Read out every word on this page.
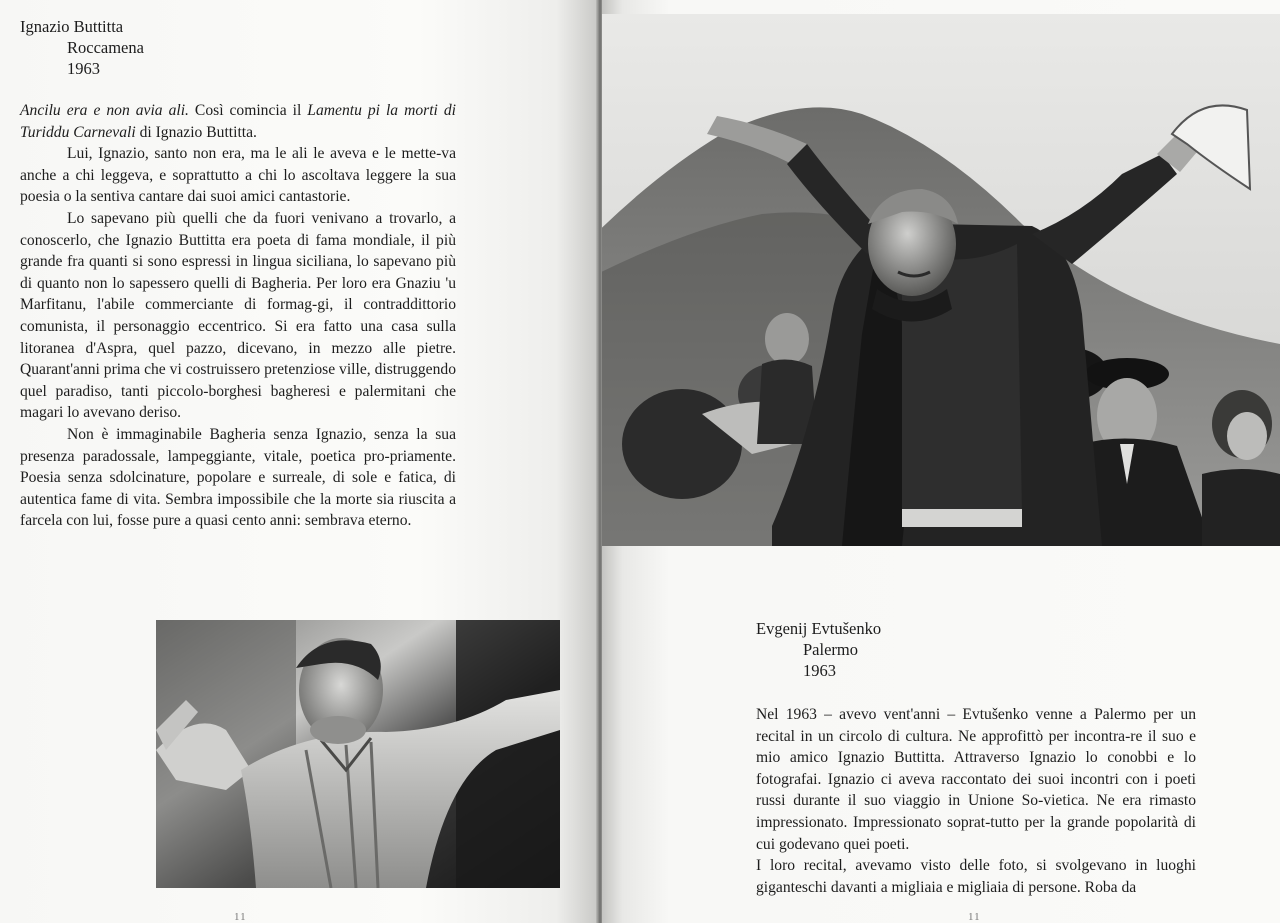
Ignazio Buttitta
Roccamena
1963

Ancilu era e non avia ali. Così comincia il Lamentu pi la morti di Turiddu Carnevali di Ignazio Buttitta.

Lui, Ignazio, santo non era, ma le ali le aveva e le mette-va anche a chi leggeva, e soprattutto a chi lo ascoltava leggere la sua poesia o la sentiva cantare dai suoi amici cantastorie.

Lo sapevano più quelli che da fuori venivano a trovarlo, a conoscerlo, che Ignazio Buttitta era poeta di fama mondiale, il più grande fra quanti si sono espressi in lingua siciliana, lo sapevano più di quanto non lo sapessero quelli di Bagheria. Per loro era Gnaziu 'u Marfitanu, l'abile commerciante di formag-gi, il contraddittorio comunista, il personaggio eccentrico. Si era fatto una casa sulla litoranea d'Aspra, quel pazzo, dicevano, in mezzo alle pietre. Quarant'anni prima che vi costruissero pretenziose ville, distruggendo quel paradiso, tanti piccolo-borghesi bagheresi e palermitani che magari lo avevano deriso.

Non è immaginabile Bagheria senza Ignazio, senza la sua presenza paradossale, lampeggiante, vitale, poetica pro-priamente. Poesia senza sdolcinature, popolare e surreale, di sole e fatica, di autentica fame di vita. Sembra impossibile che la morte sia riuscita a farcela con lui, fosse pure a quasi cento anni: sembrava eterno.

11
Evgenij Evtušenko
Palermo
1963

Nel 1963 – avevo vent'anni – Evtušenko venne a Palermo per un recital in un circolo di cultura. Ne approfittò per incontra-re il suo e mio amico Ignazio Buttitta. Attraverso Ignazio lo conobbi e lo fotografai. Ignazio ci aveva raccontato dei suoi incontri con i poeti russi durante il suo viaggio in Unione So-vietica. Ne era rimasto impressionato. Impressionato soprat-tutto per la grande popolarità di cui godevano quei poeti.

I loro recital, avevamo visto delle foto, si svolgevano in luoghi giganteschi davanti a migliaia e migliaia di persone. Roba da

11
